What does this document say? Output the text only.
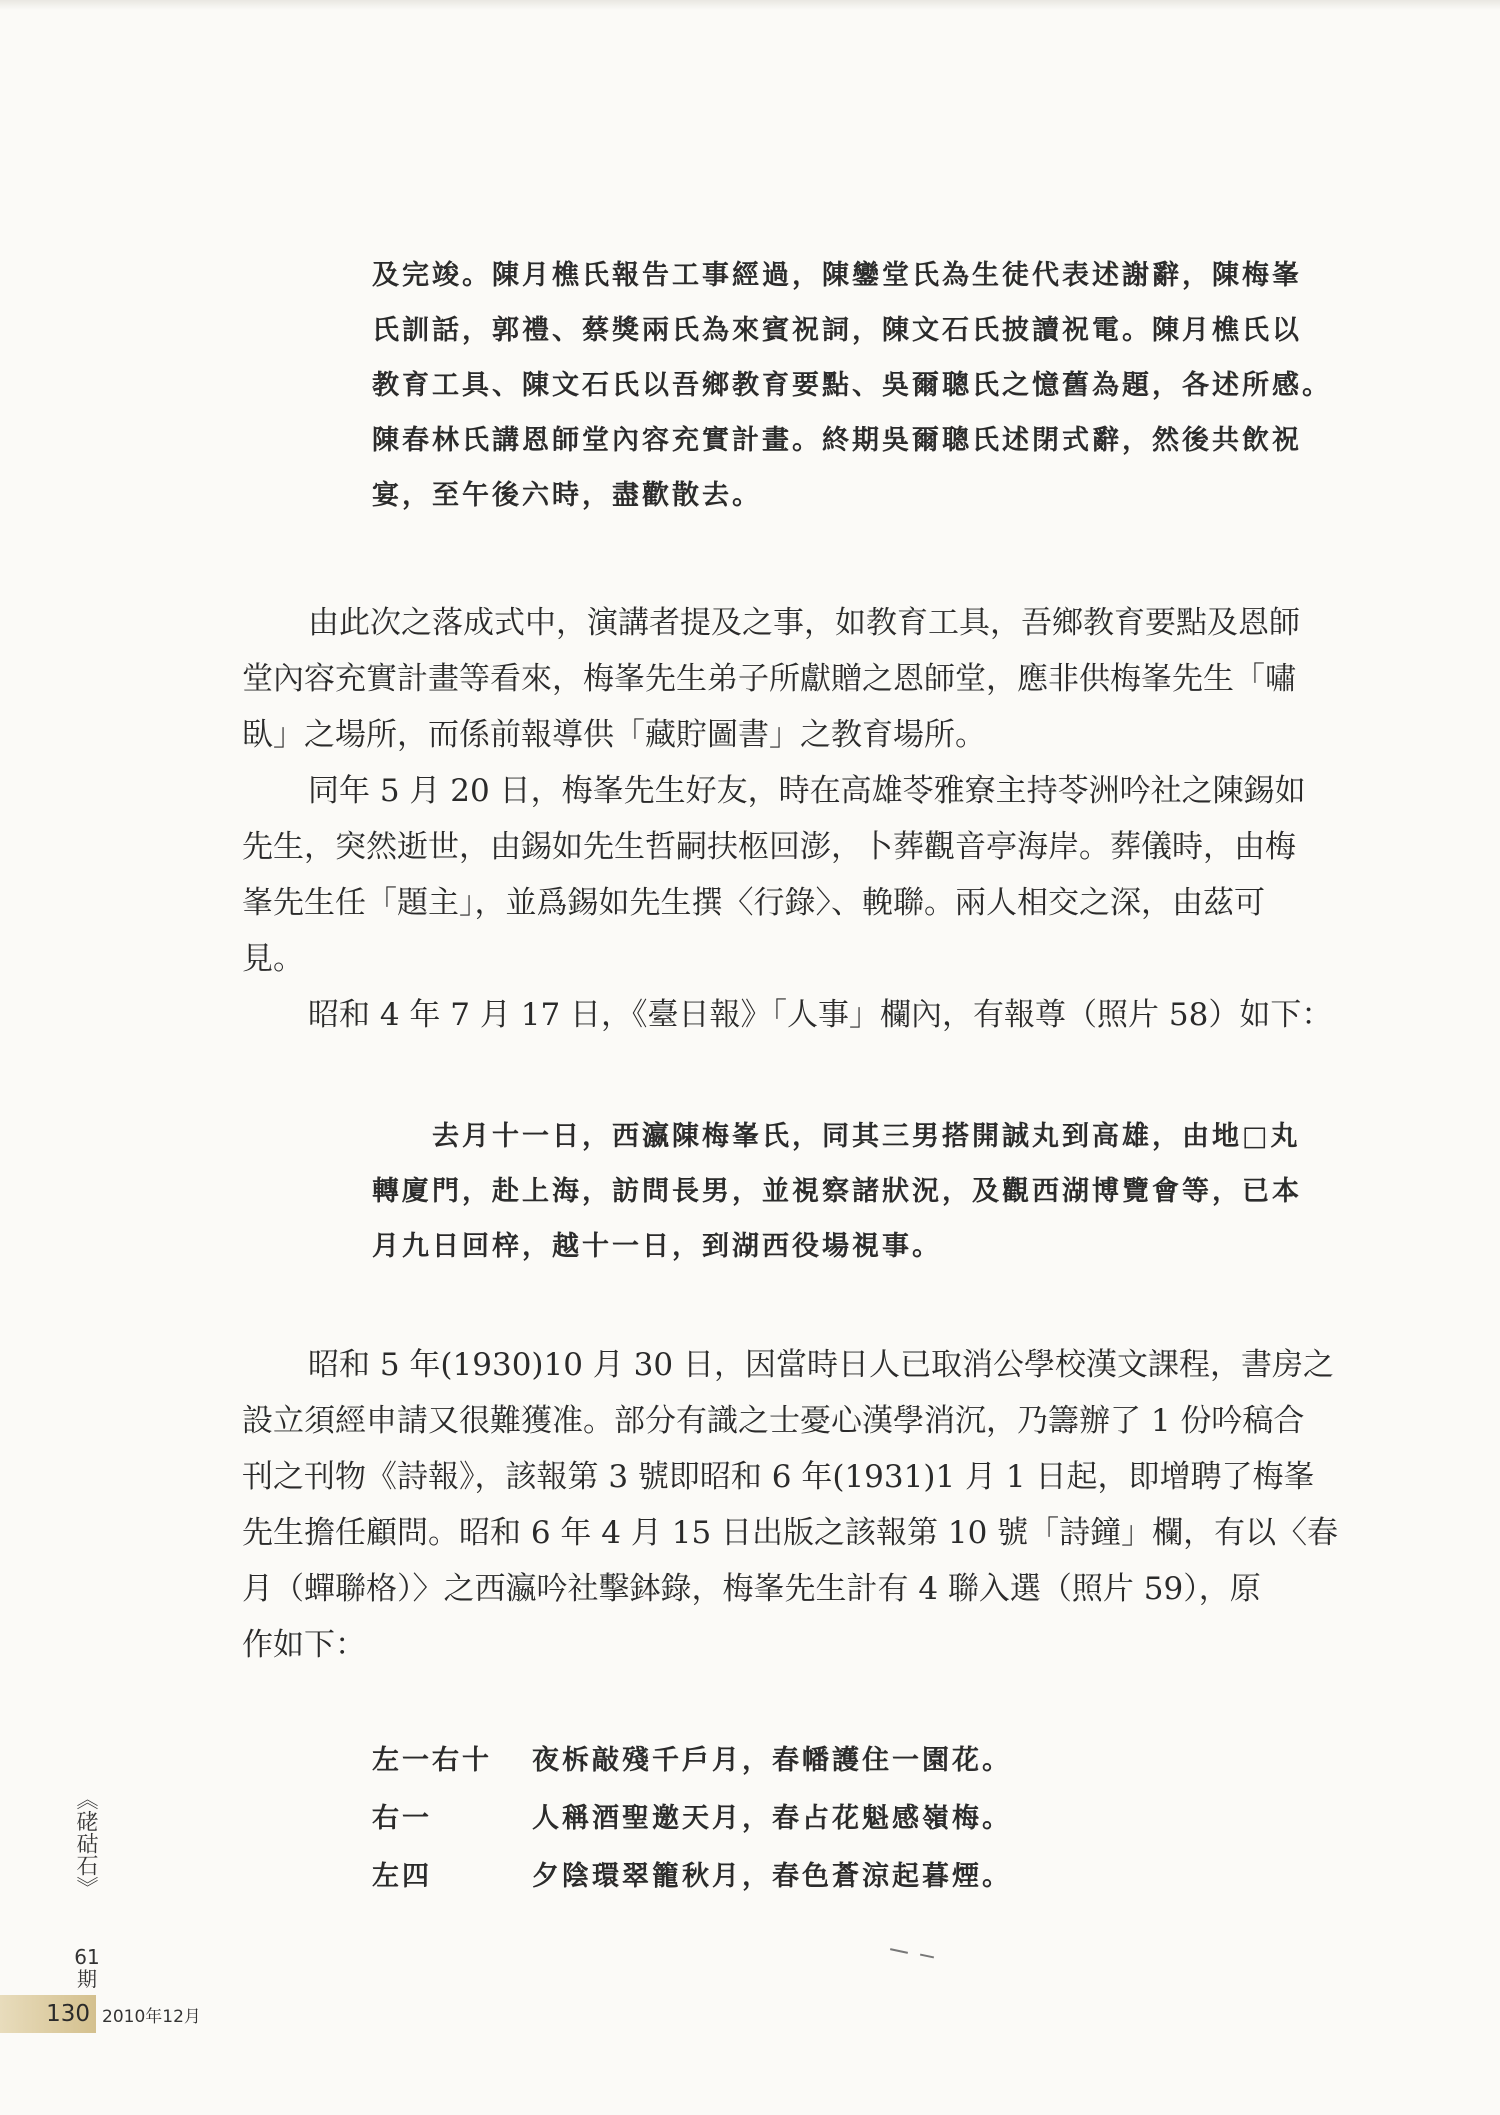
及完竣。陳月樵氏報告工事經過，陳鑾堂氏為生徒代表述謝辭，陳梅峯

氏訓話，郭禮、蔡獎兩氏為來賓祝詞，陳文石氏披讀祝電。陳月樵氏以

教育工具、陳文石氏以吾鄉教育要點、吳爾聰氏之憶舊為題，各述所感。

陳春林氏講恩師堂內容充實計畫。終期吳爾聰氏述閉式辭，然後共飲祝

宴，至午後六時，盡歡散去。

由此次之落成式中，演講者提及之事，如教育工具，吾鄉教育要點及恩師

堂內容充實計畫等看來，梅峯先生弟子所獻贈之恩師堂，應非供梅峯先生「嘯

臥」之場所，而係前報導供「藏貯圖書」之教育場所。

同年 5 月 20 日，梅峯先生好友，時在高雄苓雅寮主持苓洲吟社之陳錫如

先生，突然逝世，由錫如先生哲嗣扶柩回澎，卜葬觀音亭海岸。葬儀時，由梅

峯先生任「題主」，並爲錫如先生撰〈行錄〉、輓聯。兩人相交之深，由茲可

見。

昭和 4 年 7 月 17 日，《臺日報》「人事」欄內，有報尊（照片 58）如下：

去月十一日，西瀛陳梅峯氏，同其三男搭開誠丸到高雄，由地□丸

轉廈門，赴上海，訪問長男，並視察諸狀況，及觀西湖博覽會等，已本

月九日回梓，越十一日，到湖西役場視事。

昭和 5 年(1930)10 月 30 日，因當時日人已取消公學校漢文課程，書房之

設立須經申請又很難獲准。部分有識之士憂心漢學消沉，乃籌辦了 1 份吟稿合

刊之刊物《詩報》，該報第 3 號即昭和 6 年(1931)1 月 1 日起，即增聘了梅峯

先生擔任顧問。昭和 6 年 4 月 15 日出版之該報第 10 號「詩鐘」欄，有以〈春

月（蟬聯格）〉之西瀛吟社擊鉢錄，梅峯先生計有 4 聯入選（照片 59），原

作如下：

左一右十	夜柝敲殘千戶月，春幡護住一園花。
右一	人稱酒聖邀天月，春占花魁感嶺梅。
左四	夕陰環翠籠秋月，春色蒼涼起暮煙。
《硓𥑮石》
61
期
130 2010年12月
